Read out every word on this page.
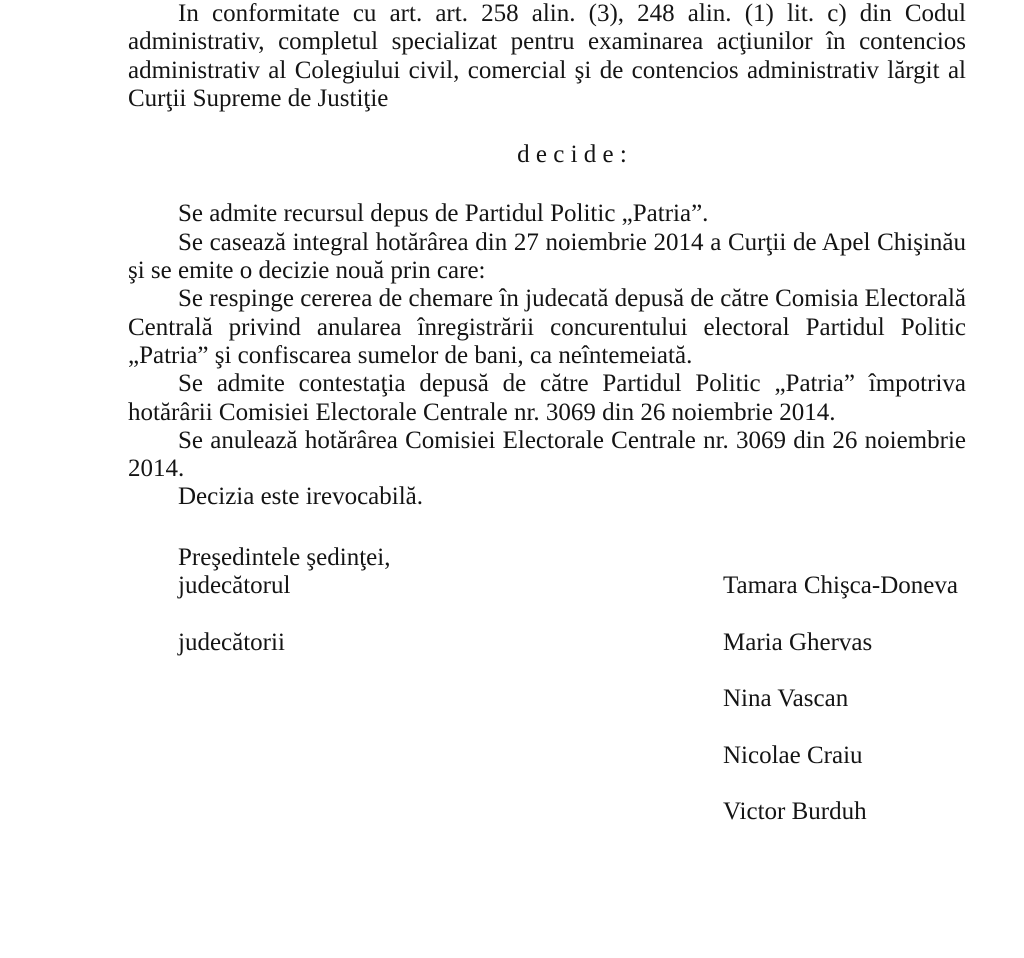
In conformitate cu art. art. 258 alin. (3), 248 alin. (1) lit. c) din Codul administrativ, completul specializat pentru examinarea acţiunilor în contencios administrativ al Colegiului civil, comercial şi de contencios administrativ lărgit al Curţii Supreme de Justiţie

d e c i d e :

Se admite recursul depus de Partidul Politic „Patria”.

Se casează integral hotărârea din 27 noiembrie 2014 a Curţii de Apel Chişinău şi se emite o decizie nouă prin care:

Se respinge cererea de chemare în judecată depusă de către Comisia Electorală Centrală privind anularea înregistrării concurentului electoral Partidul Politic „Patria” şi confiscarea sumelor de bani, ca neîntemeiată.

Se admite contestaţia depusă de către Partidul Politic „Patria” împotriva hotărârii Comisiei Electorale Centrale nr. 3069 din 26 noiembrie 2014.

Se anulează hotărârea Comisiei Electorale Centrale nr. 3069 din 26 noiembrie 2014.

Decizia este irevocabilă.

Preşedintele şedinţei,
judecătorul	Tamara Chişca-Doneva
judecătorii	Maria Ghervas
Nina Vascan
Nicolae Craiu
Victor Burduh
